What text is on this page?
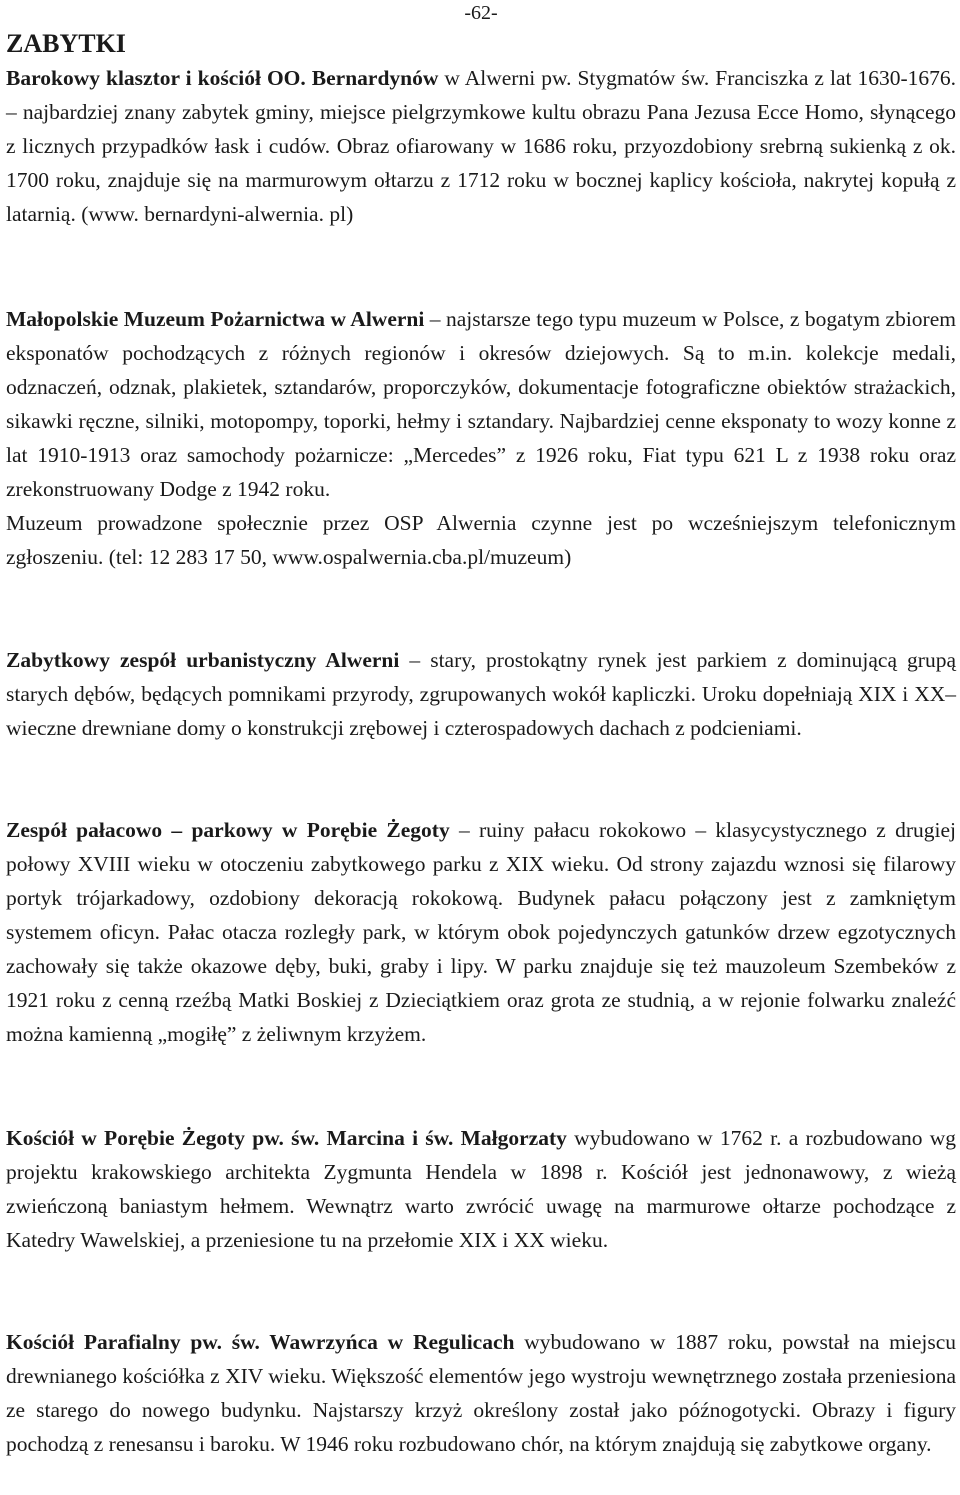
-62-
ZABYTKI

Barokowy klasztor i kościół OO. Bernardynów w Alwerni pw. Stygmatów św. Franciszka z lat 1630-1676. – najbardziej znany zabytek gminy, miejsce pielgrzymkowe kultu obrazu Pana Jezusa Ecce Homo, słynącego z licznych przypadków łask i cudów. Obraz ofiarowany w 1686 roku, przyozdobiony srebrną sukienką z ok. 1700 roku, znajduje się na marmurowym ołtarzu z 1712 roku w bocznej kaplicy kościoła, nakrytej kopułą z latarnią. (www. bernardyni-alwernia. pl)

Małopolskie Muzeum Pożarnictwa w Alwerni – najstarsze tego typu muzeum w Polsce, z bogatym zbiorem eksponatów pochodzących z różnych regionów i okresów dziejowych. Są to m.in. kolekcje medali, odznaczeń, odznak, plakietek, sztandarów, proporczyków, dokumentacje fotograficzne obiektów strażackich, sikawki ręczne, silniki, motopompy, toporki, hełmy i sztandary. Najbardziej cenne eksponaty to wozy konne z lat 1910-1913 oraz samochody pożarnicze: „Mercedes” z 1926 roku, Fiat typu 621 L z 1938 roku oraz zrekonstruowany Dodge z 1942 roku.
Muzeum prowadzone społecznie przez OSP Alwernia czynne jest po wcześniejszym telefonicznym zgłoszeniu. (tel: 12 283 17 50, www.ospalwernia.cba.pl/muzeum)

Zabytkowy zespół urbanistyczny Alwerni – stary, prostokątny rynek jest parkiem z dominującą grupą starych dębów, będących pomnikami przyrody, zgrupowanych wokół kapliczki. Uroku dopełniają XIX i XX– wieczne drewniane domy o konstrukcji zrębowej i czterospadowych dachach z podcieniami.

Zespół pałacowo – parkowy w Porębie Żegoty – ruiny pałacu rokokowo – klasycystycznego z drugiej połowy XVIII wieku w otoczeniu zabytkowego parku z XIX wieku. Od strony zajazdu wznosi się filarowy portyk trójarkadowy, ozdobiony dekoracją rokokową. Budynek pałacu połączony jest z zamkniętym systemem oficyn. Pałac otacza rozległy park, w którym obok pojedynczych gatunków drzew egzotycznych zachowały się także okazowe dęby, buki, graby i lipy. W parku znajduje się też mauzoleum Szembeków z 1921 roku z cenną rzeźbą Matki Boskiej z Dzieciątkiem oraz grota ze studnią, a w rejonie folwarku znaleźć można kamienną „mogiłę” z żeliwnym krzyżem.

Kościół w Porębie Żegoty pw. św. Marcina i św. Małgorzaty wybudowano w 1762 r. a rozbudowano wg projektu krakowskiego architekta Zygmunta Hendela w 1898 r. Kościół jest jednonawowy, z wieżą zwieńczoną baniastym hełmem. Wewnątrz warto zwrócić uwagę na marmurowe ołtarze pochodzące z Katedry Wawelskiej, a przeniesione tu na przełomie XIX i XX wieku.

Kościół Parafialny pw. św. Wawrzyńca w Regulicach wybudowano w 1887 roku, powstał na miejscu drewnianego kościółka z XIV wieku. Większość elementów jego wystroju wewnętrznego została przeniesiona ze starego do nowego budynku. Najstarszy krzyż określony został jako późnogotycki. Obrazy i figury pochodzą z renesansu i baroku. W 1946 roku rozbudowano chór, na którym znajdują się zabytkowe organy.
